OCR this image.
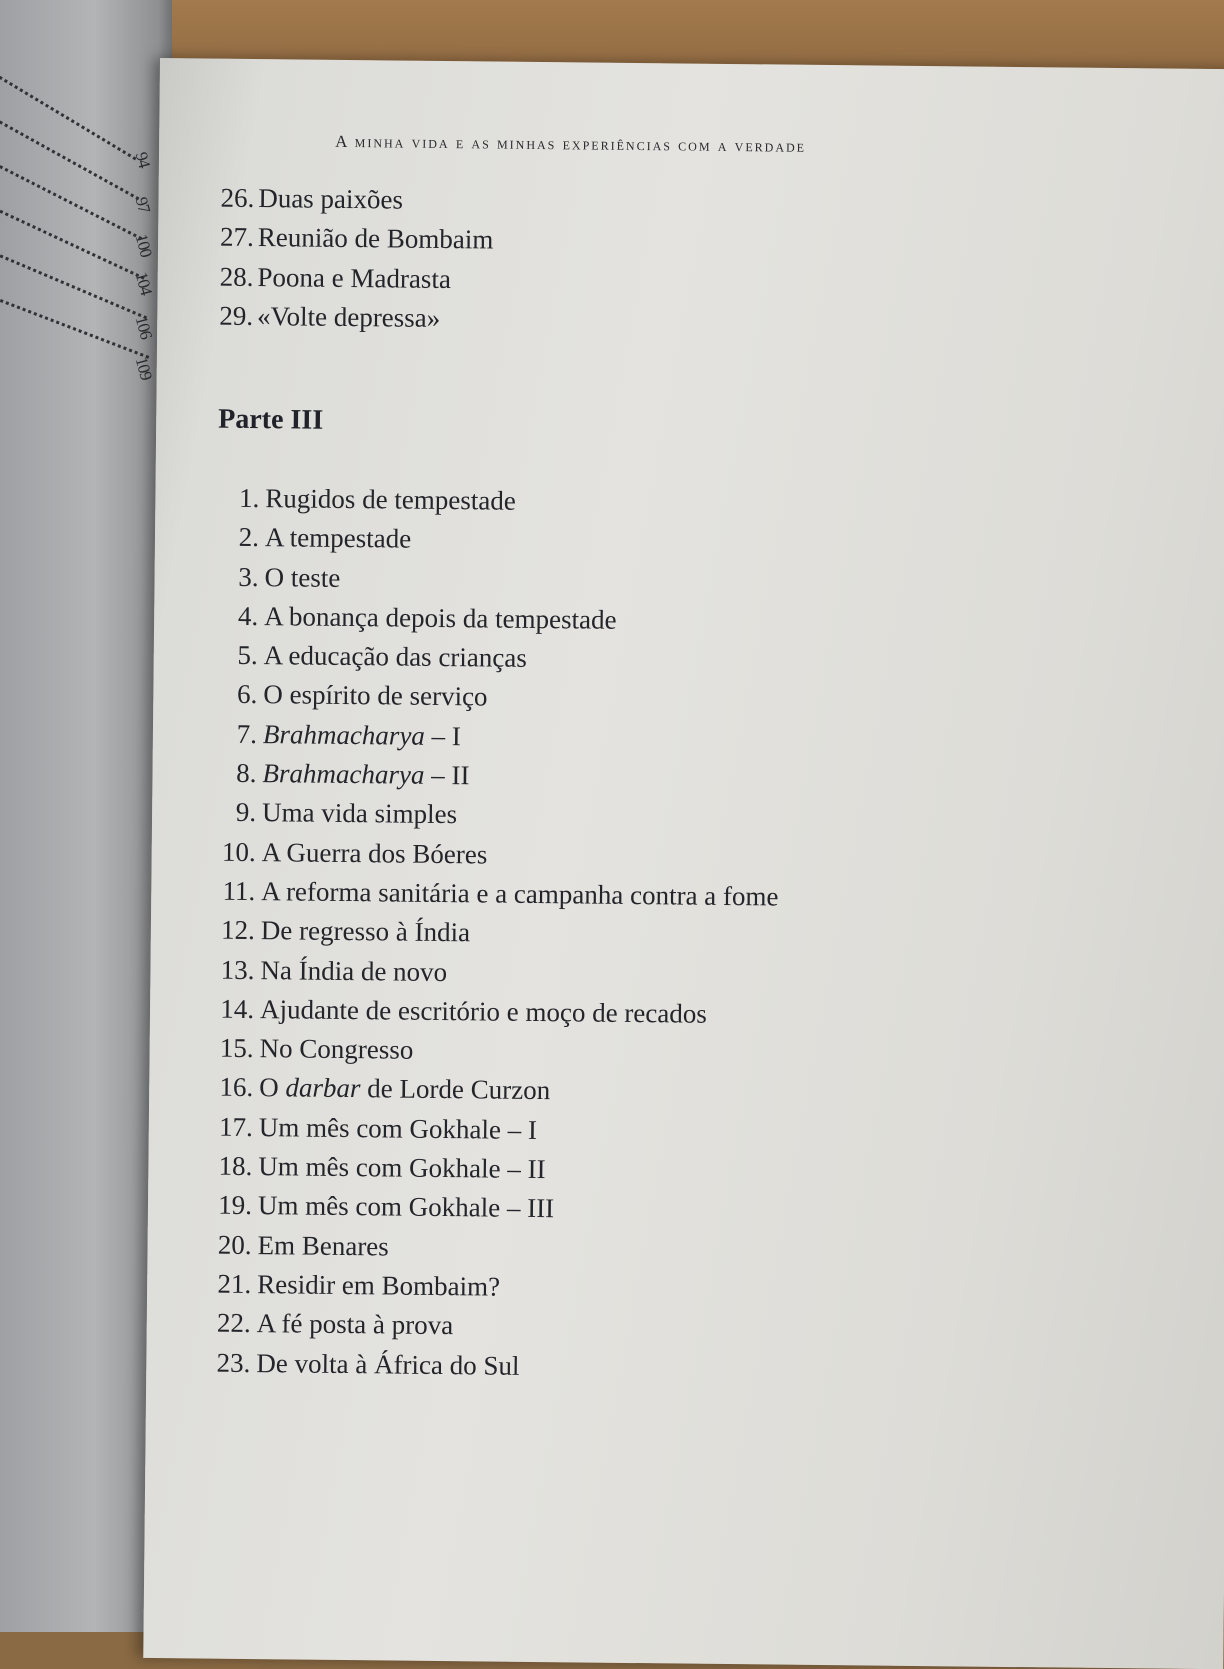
94
97
100
104
106
109
A minha vida e as minhas experiências com a verdade
26. Duas paixões
27. Reunião de Bombaim
28. Poona e Madrasta
29. «Volte depressa»
Parte III
1. Rugidos de tempestade
2. A tempestade
3. O teste
4. A bonança depois da tempestade
5. A educação das crianças
6. O espírito de serviço
7. Brahmacharya – I
8. Brahmacharya – II
9. Uma vida simples
10. A Guerra dos Bóeres
11. A reforma sanitária e a campanha contra a fome
12. De regresso à Índia
13. Na Índia de novo
14. Ajudante de escritório e moço de recados
15. No Congresso
16. O darbar de Lorde Curzon
17. Um mês com Gokhale – I
18. Um mês com Gokhale – II
19. Um mês com Gokhale – III
20. Em Benares
21. Residir em Bombaim?
22. A fé posta à prova
23. De volta à África do Sul
